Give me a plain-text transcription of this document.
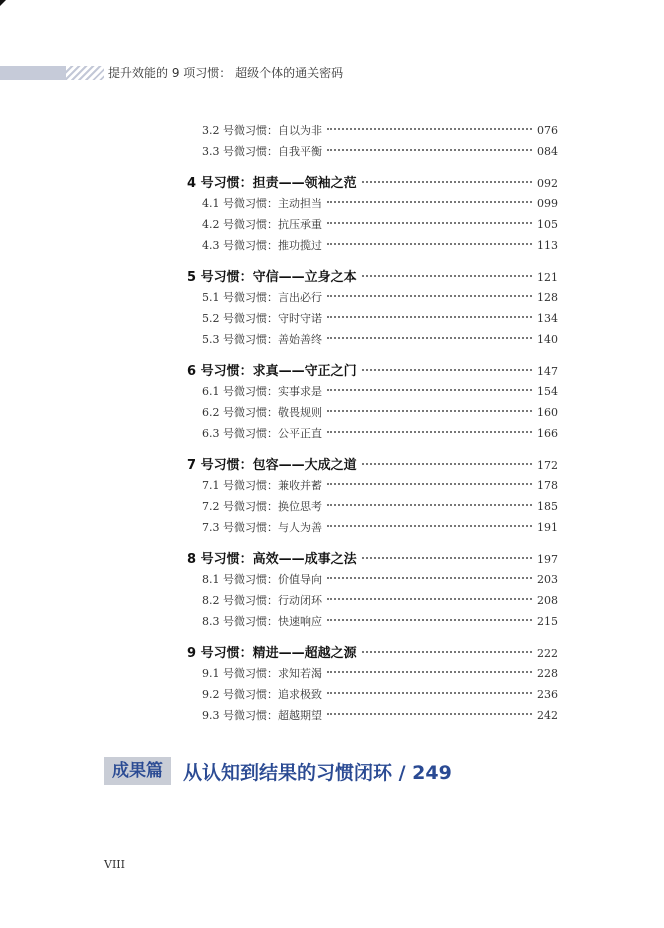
提升效能的 9 项习惯： 超级个体的通关密码
3.2 号微习惯：自以为非	076
3.3 号微习惯：自我平衡	084
4 号习惯：担责——领袖之范	092
4.1 号微习惯：主动担当	099
4.2 号微习惯：抗压承重	105
4.3 号微习惯：推功揽过	113
5 号习惯：守信——立身之本	121
5.1 号微习惯：言出必行	128
5.2 号微习惯：守时守诺	134
5.3 号微习惯：善始善终	140
6 号习惯：求真——守正之门	147
6.1 号微习惯：实事求是	154
6.2 号微习惯：敬畏规则	160
6.3 号微习惯：公平正直	166
7 号习惯：包容——大成之道	172
7.1 号微习惯：兼收并蓄	178
7.2 号微习惯：换位思考	185
7.3 号微习惯：与人为善	191
8 号习惯：高效——成事之法	197
8.1 号微习惯：价值导向	203
8.2 号微习惯：行动闭环	208
8.3 号微习惯：快速响应	215
9 号习惯：精进——超越之源	222
9.1 号微习惯：求知若渴	228
9.2 号微习惯：追求极致	236
9.3 号微习惯：超越期望	242
成果篇	从认知到结果的习惯闭环 / 249
VIII
